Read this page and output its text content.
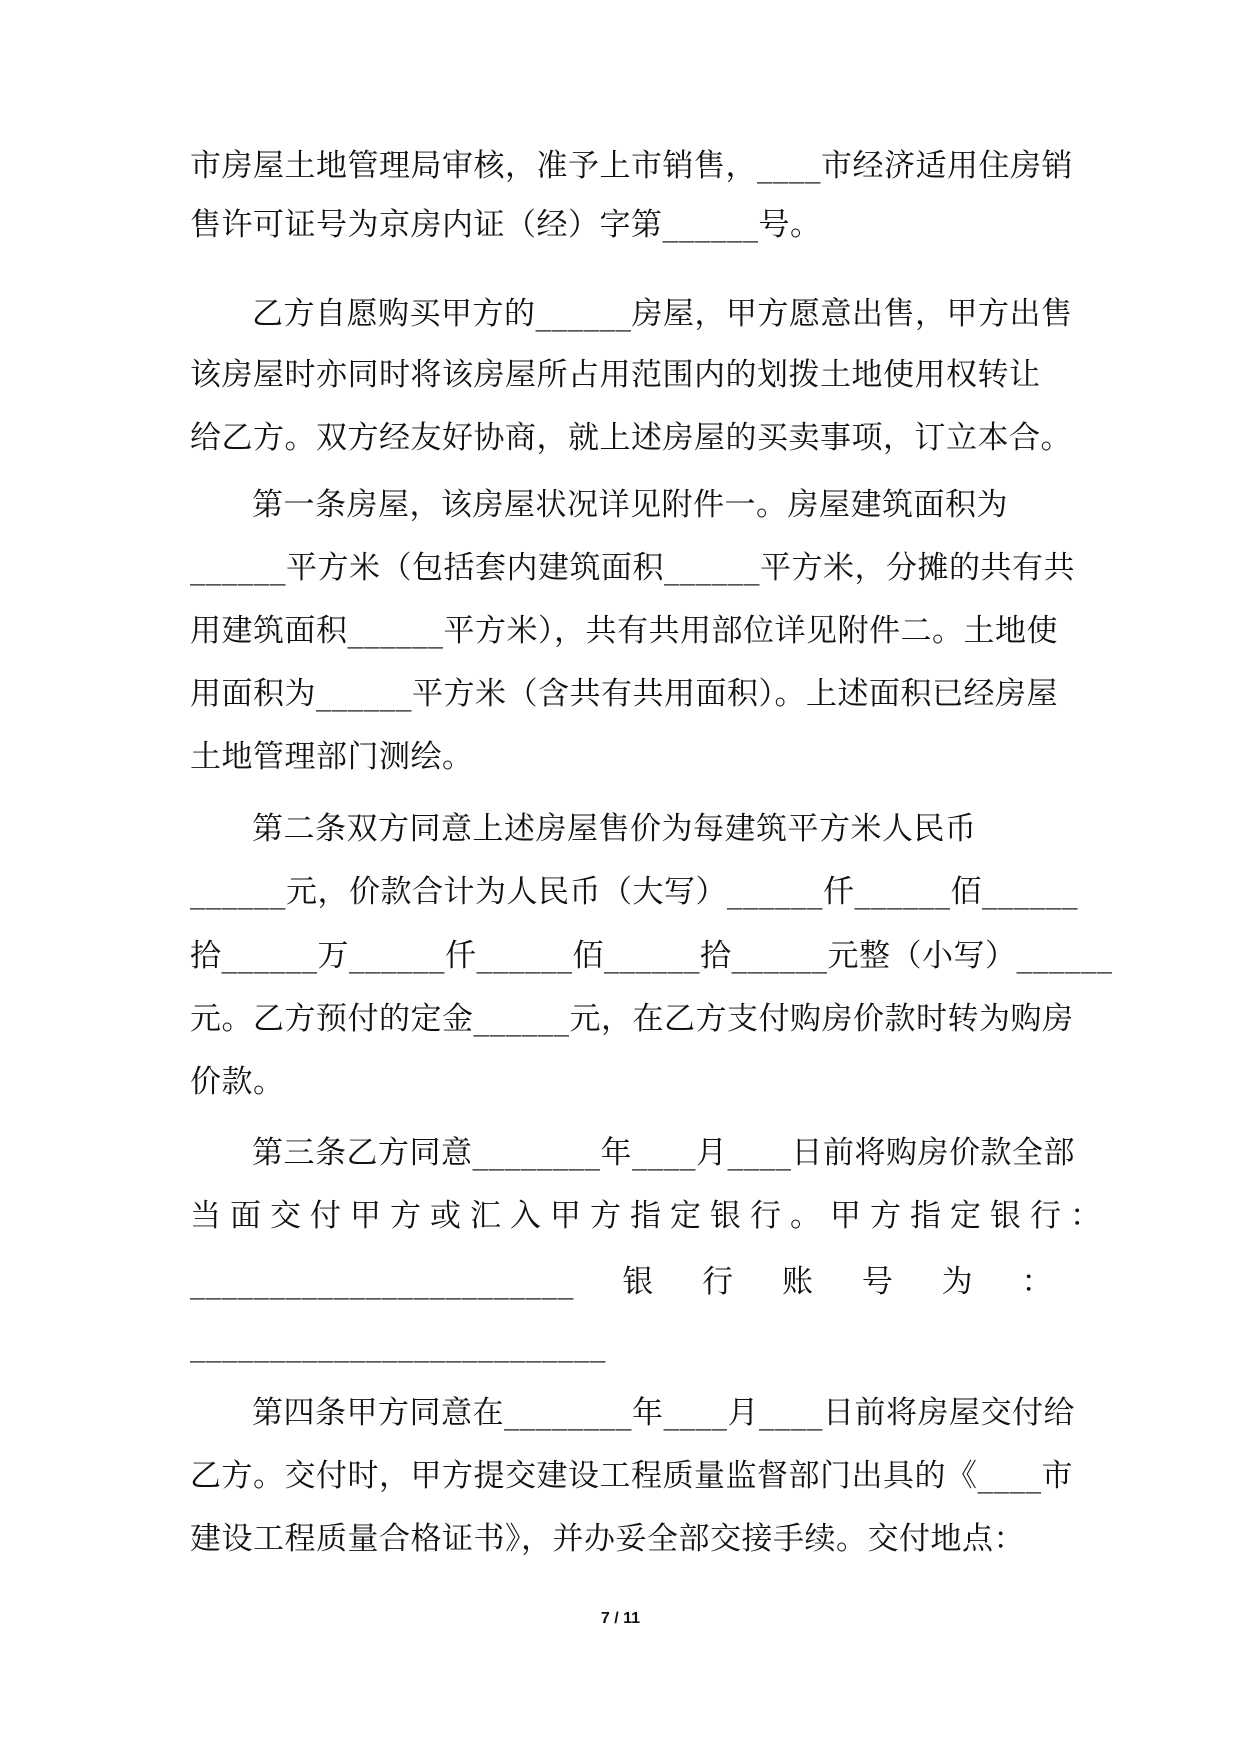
市房屋土地管理局审核，准予上市销售，____市经济适用住房销
售许可证号为京房内证（经）字第______号。
乙方自愿购买甲方的______房屋，甲方愿意出售，甲方出售
该房屋时亦同时将该房屋所占用范围内的划拨土地使用权转让
给乙方。双方经友好协商，就上述房屋的买卖事项，订立本合。
第一条房屋，该房屋状况详见附件一。房屋建筑面积为
______平方米（包括套内建筑面积______平方米，分摊的共有共
用建筑面积______平方米），共有共用部位详见附件二。土地使
用面积为______平方米（含共有共用面积）。上述面积已经房屋
土地管理部门测绘。
第二条双方同意上述房屋售价为每建筑平方米人民币
______元，价款合计为人民币（大写）______仟______佰______
拾______万______仟______佰______拾______元整（小写）______
元。乙方预付的定金______元，在乙方支付购房价款时转为购房
价款。
第三条乙方同意________年____月____日前将购房价款全部
当面交付甲方或汇入甲方指定银行。甲方指定银行：
________________________ 银 行 账 号 为 ：
__________________________
第四条甲方同意在________年____月____日前将房屋交付给
乙方。交付时，甲方提交建设工程质量监督部门出具的《____市
建设工程质量合格证书》，并办妥全部交接手续。交付地点：
7 / 11
